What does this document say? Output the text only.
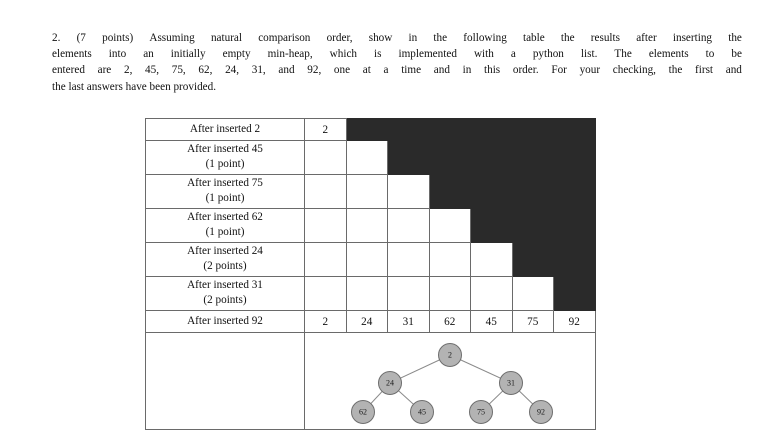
2. (7 points) Assuming natural comparison order, show in the following table the results after inserting the
elements into an initially empty min-heap, which is implemented with a python list. The elements to be
entered are 2, 45, 75, 62, 24, 31, and 92, one at a time and in this order. For your checking, the first and
the last answers have been provided.
After inserted 2	2						
After inserted 45
(1 point)							

After inserted 75
(1 point)							

After inserted 62
(1 point)							

After inserted 24
(2 points)							

After inserted 31
(2 points)							

After inserted 92	2	24	31	62	45	75	92

2
24	31
62	45	75	92
